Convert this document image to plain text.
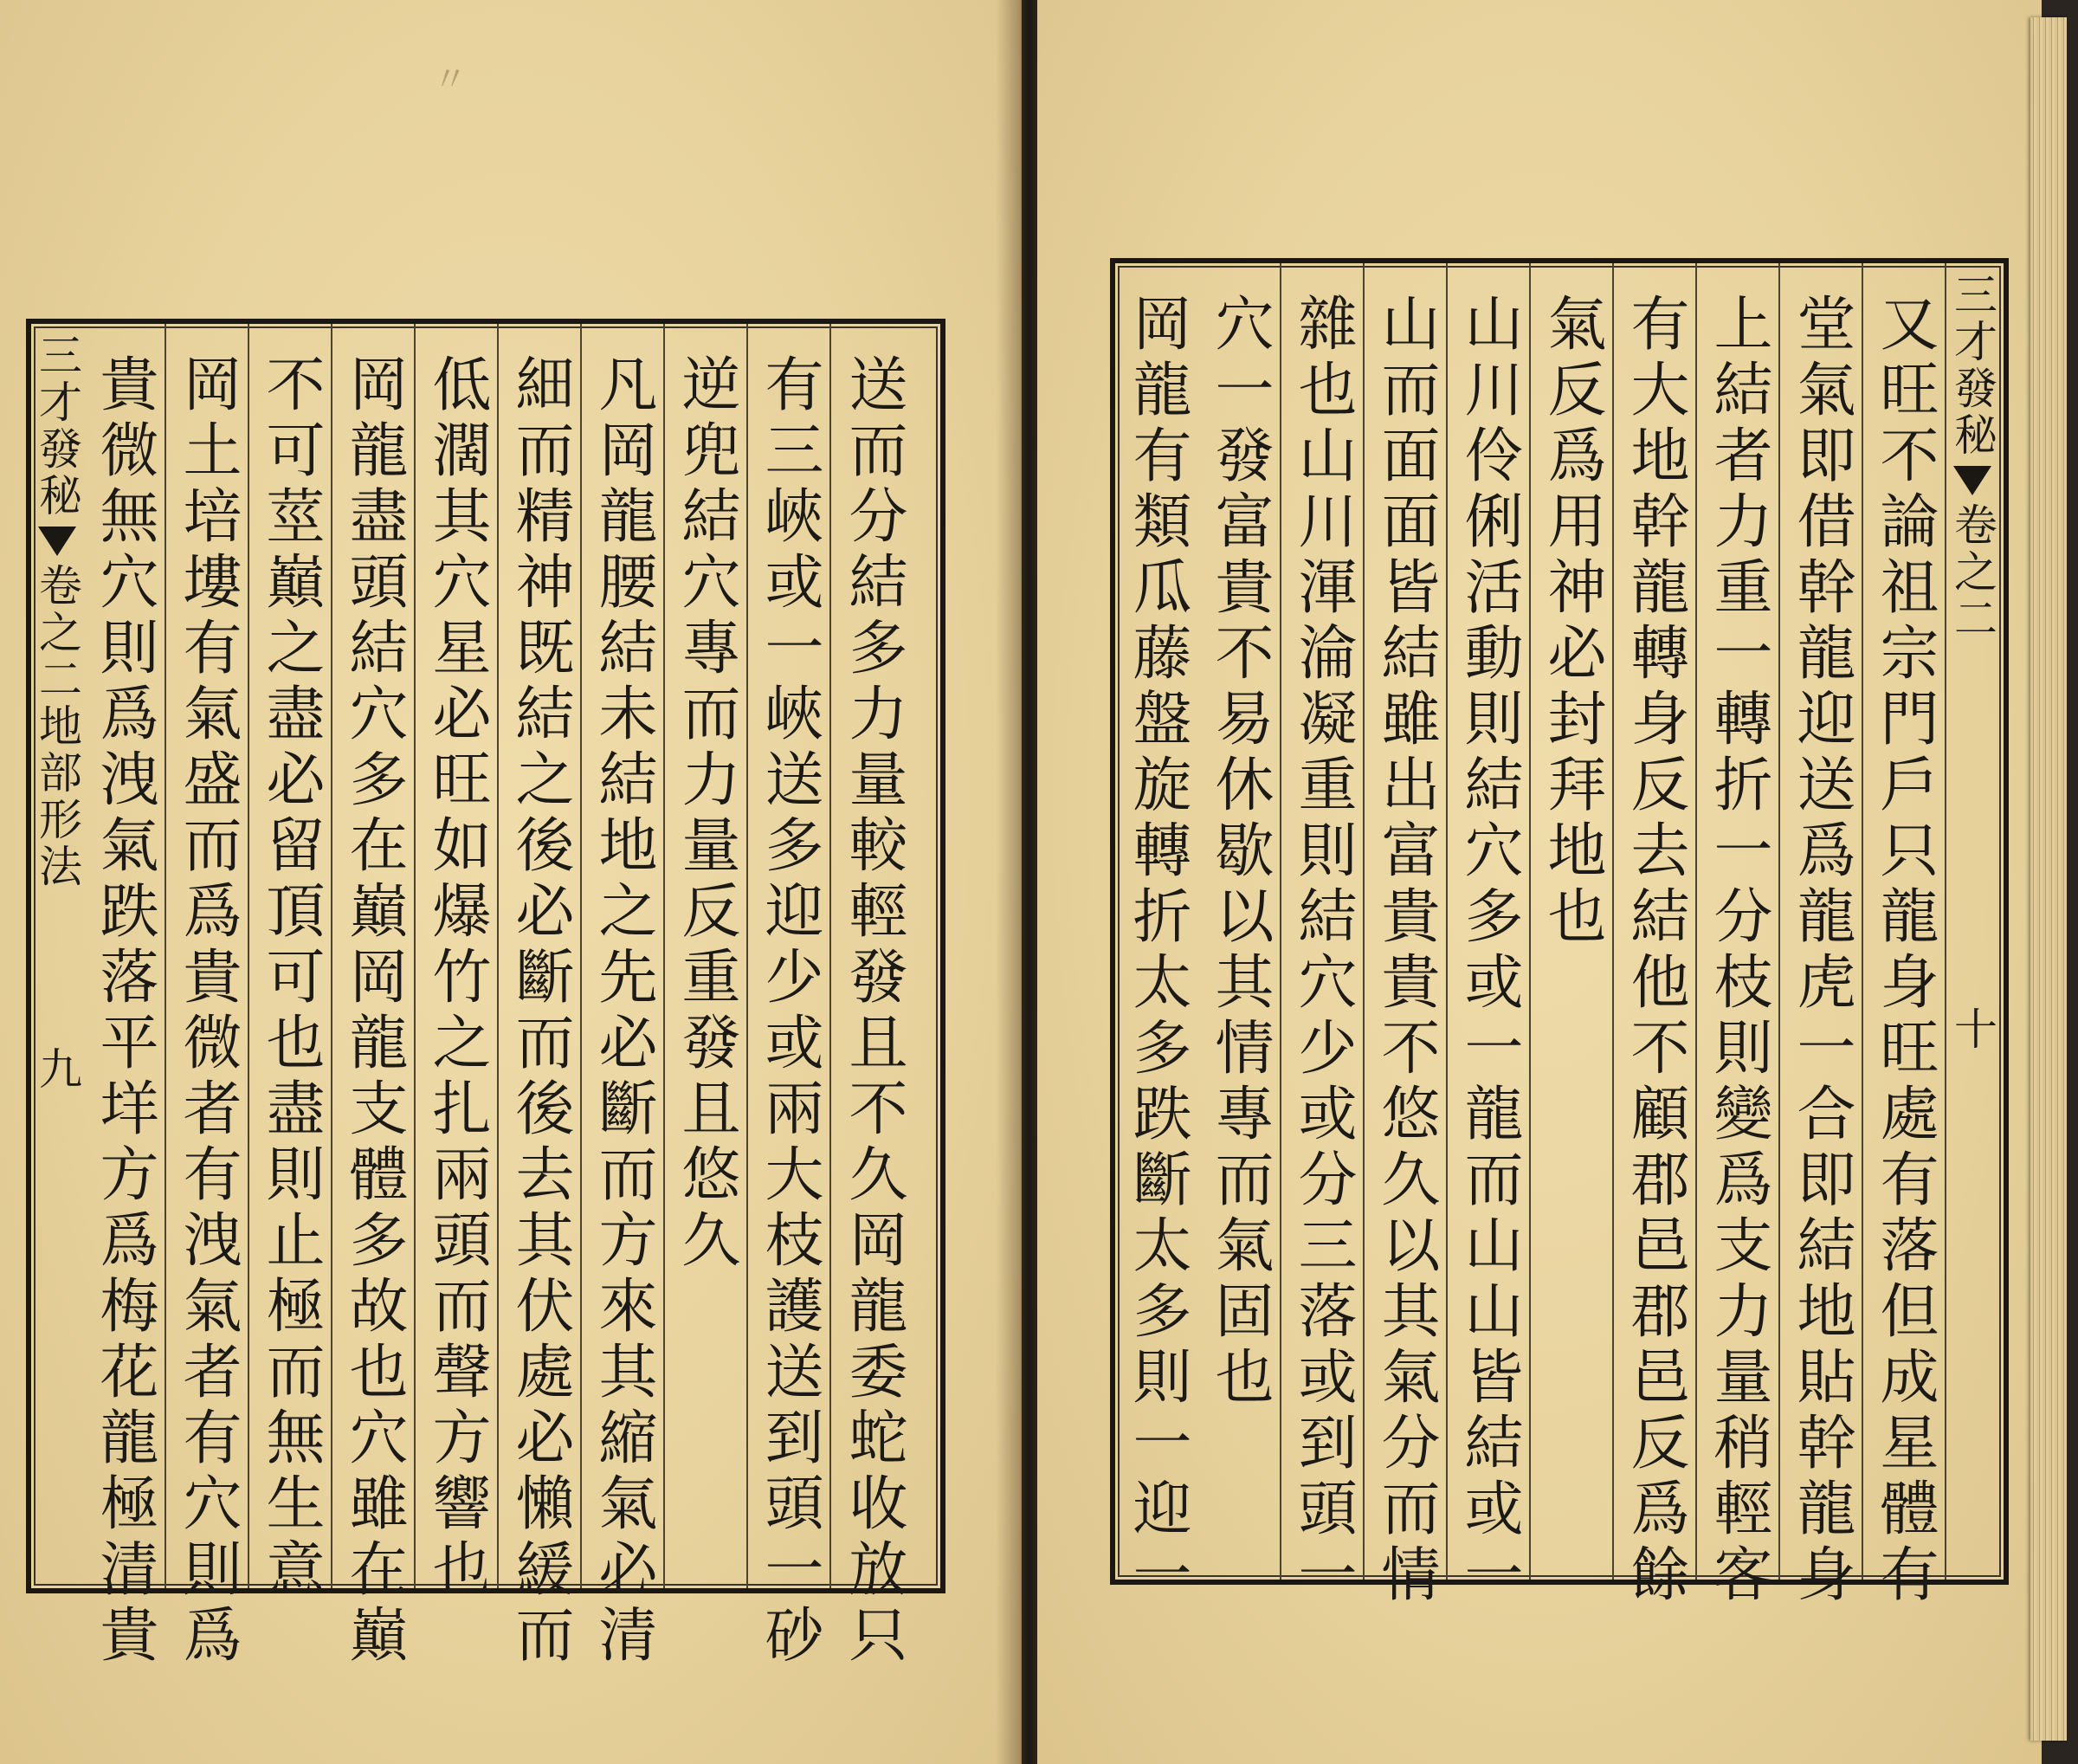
〃
三才發秘
卷之二地部形法
九 貴微無穴則爲洩氣跌落平垟方爲梅花龍極清貴 岡土培塿有氣盛而爲貴微者有洩氣者有穴則爲 不可莖巔之盡必留頂可也盡則止極而無生意 岡龍盡頭結穴多在巔岡龍支體多故也穴雖在巔 低濶其穴星必旺如爆竹之扎兩頭而聲方響也 細而精神既結之後必斷而後去其伏處必懶緩而 凡岡龍腰結未結地之先必斷而方來其縮氣必清 逆兜結穴專而力量反重發且悠久 有三峽或一峽送多迎少或兩大枝護送到頭一砂 送而分結多力量較輕發且不久岡龍委蛇收放只	岡龍有類瓜藤盤旋轉折太多跌斷太多則一迎一 穴一發富貴不易休歇以其情專而氣固也 雜也山川渾淪凝重則結穴少或分三落或到頭一 山而面面皆結雖出富貴貴不悠久以其氣分而情 山川伶俐活動則結穴多或一龍而山山皆結或一 氣反爲用神必封拜地也 有大地幹龍轉身反去結他不顧郡邑郡邑反爲餘 上結者力重一轉折一分枝則變爲支力量稍輕客 堂氣即借幹龍迎送爲龍虎一合即結地貼幹龍身 又旺不論祖宗門戶只龍身旺處有落但成星體有 三才發秘
卷之二
十
